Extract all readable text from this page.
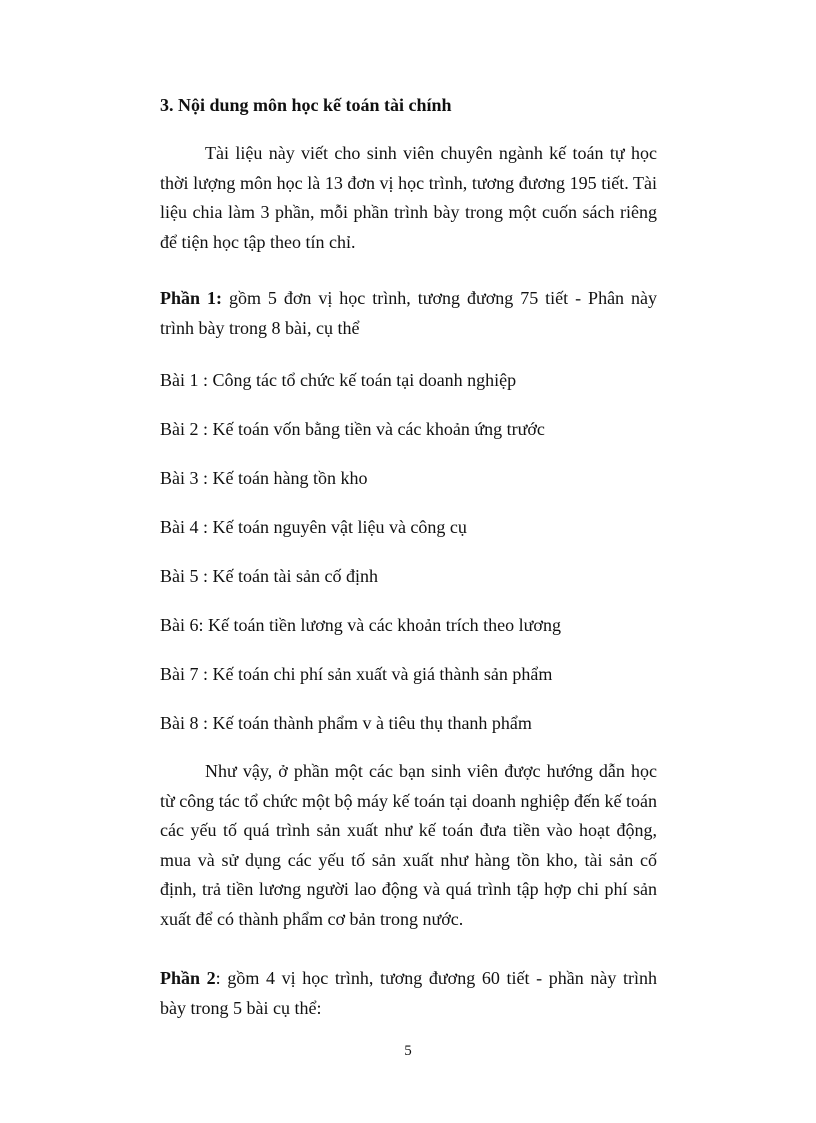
3. Nội dung môn học kế toán tài chính

Tài liệu này viết cho sinh viên chuyên ngành kế toán tự học thời lượng môn học là 13 đơn vị học trình, tương đương 195 tiết. Tài liệu chia làm 3 phần, mỗi phần trình bày trong một cuốn sách riêng để tiện học tập theo tín chỉ.

Phần 1: gồm 5 đơn vị học trình, tương đương 75 tiết - Phân này trình bày trong 8 bài, cụ thể

Bài 1 : Công tác tổ chức kế toán tại doanh nghiệp
Bài 2 : Kế toán vốn bằng tiền và các khoản ứng trước
Bài 3 : Kế toán hàng tồn kho
Bài 4 : Kế toán nguyên vật liệu và công cụ
Bài 5 : Kế toán tài sản cố định
Bài 6: Kế toán tiền lương và các khoản trích theo lương
Bài 7 : Kế toán chi phí sản xuất và giá thành sản phẩm
Bài 8 : Kế toán thành phẩm v à tiêu thụ thanh phẩm

Như vậy, ở phần một các bạn sinh viên được hướng dẫn học từ công tác tổ chức một bộ máy kế toán tại doanh nghiệp đến kế toán các yếu tố quá trình sản xuất như kế toán đưa tiền vào hoạt động, mua và sử dụng các yếu tố sản xuất như hàng tồn kho, tài sản cố định, trả tiền lương người lao động và quá trình tập hợp chi phí sản xuất để có thành phẩm cơ bản trong nước.

Phần 2: gồm 4 vị học trình, tương đương 60 tiết - phần này trình bày trong 5 bài cụ thể:

5
